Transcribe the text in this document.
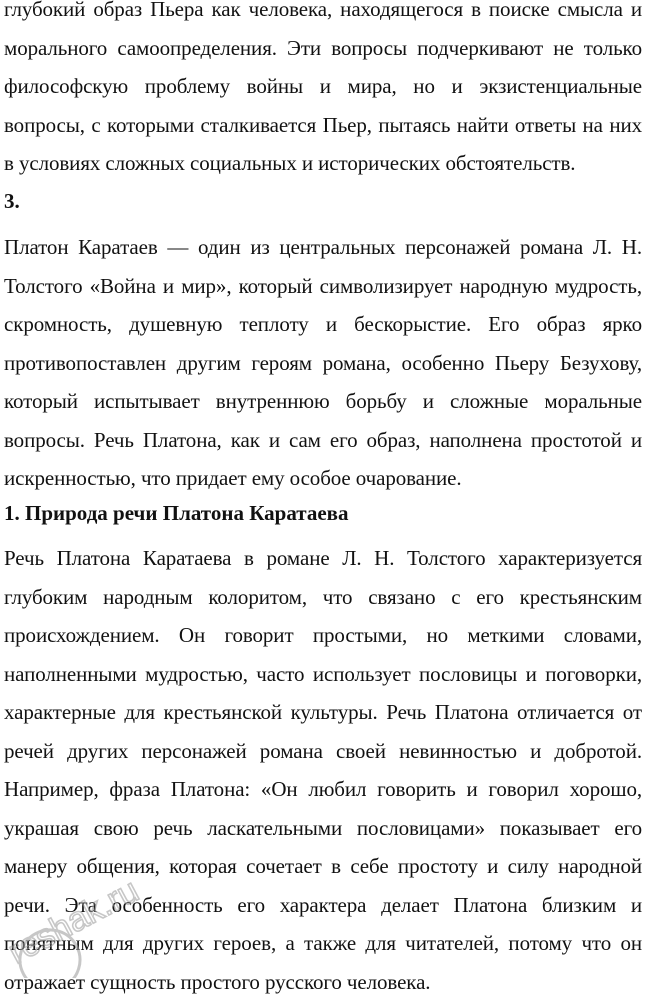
глубокий образ Пьера как человека, находящегося в поиске смысла и морального самоопределения. Эти вопросы подчеркивают не только философскую проблему войны и мира, но и экзистенциальные вопросы, с которыми сталкивается Пьер, пытаясь найти ответы на них в условиях сложных социальных и исторических обстоятельств.

3.

Платон Каратаев — один из центральных персонажей романа Л. Н. Толстого «Война и мир», который символизирует народную мудрость, скромность, душевную теплоту и бескорыстие. Его образ ярко противопоставлен другим героям романа, особенно Пьеру Безухову, который испытывает внутреннюю борьбу и сложные моральные вопросы. Речь Платона, как и сам его образ, наполнена простотой и искренностью, что придает ему особое очарование.

1. Природа речи Платона Каратаева

Речь Платона Каратаева в романе Л. Н. Толстого характеризуется глубоким народным колоритом, что связано с его крестьянским происхождением. Он говорит простыми, но меткими словами, наполненными мудростью, часто использует пословицы и поговорки, характерные для крестьянской культуры. Речь Платона отличается от речей других персонажей романа своей невинностью и добротой. Например, фраза Платона: «Он любил говорить и говорил хорошо, украшая свою речь ласкательными пословицами» показывает его манеру общения, которая сочетает в себе простоту и силу народной речи. Эта особенность его характера делает Платона близким и понятным для других героев, а также для читателей, потому что он отражает сущность простого русского человека.

reshak.ru
